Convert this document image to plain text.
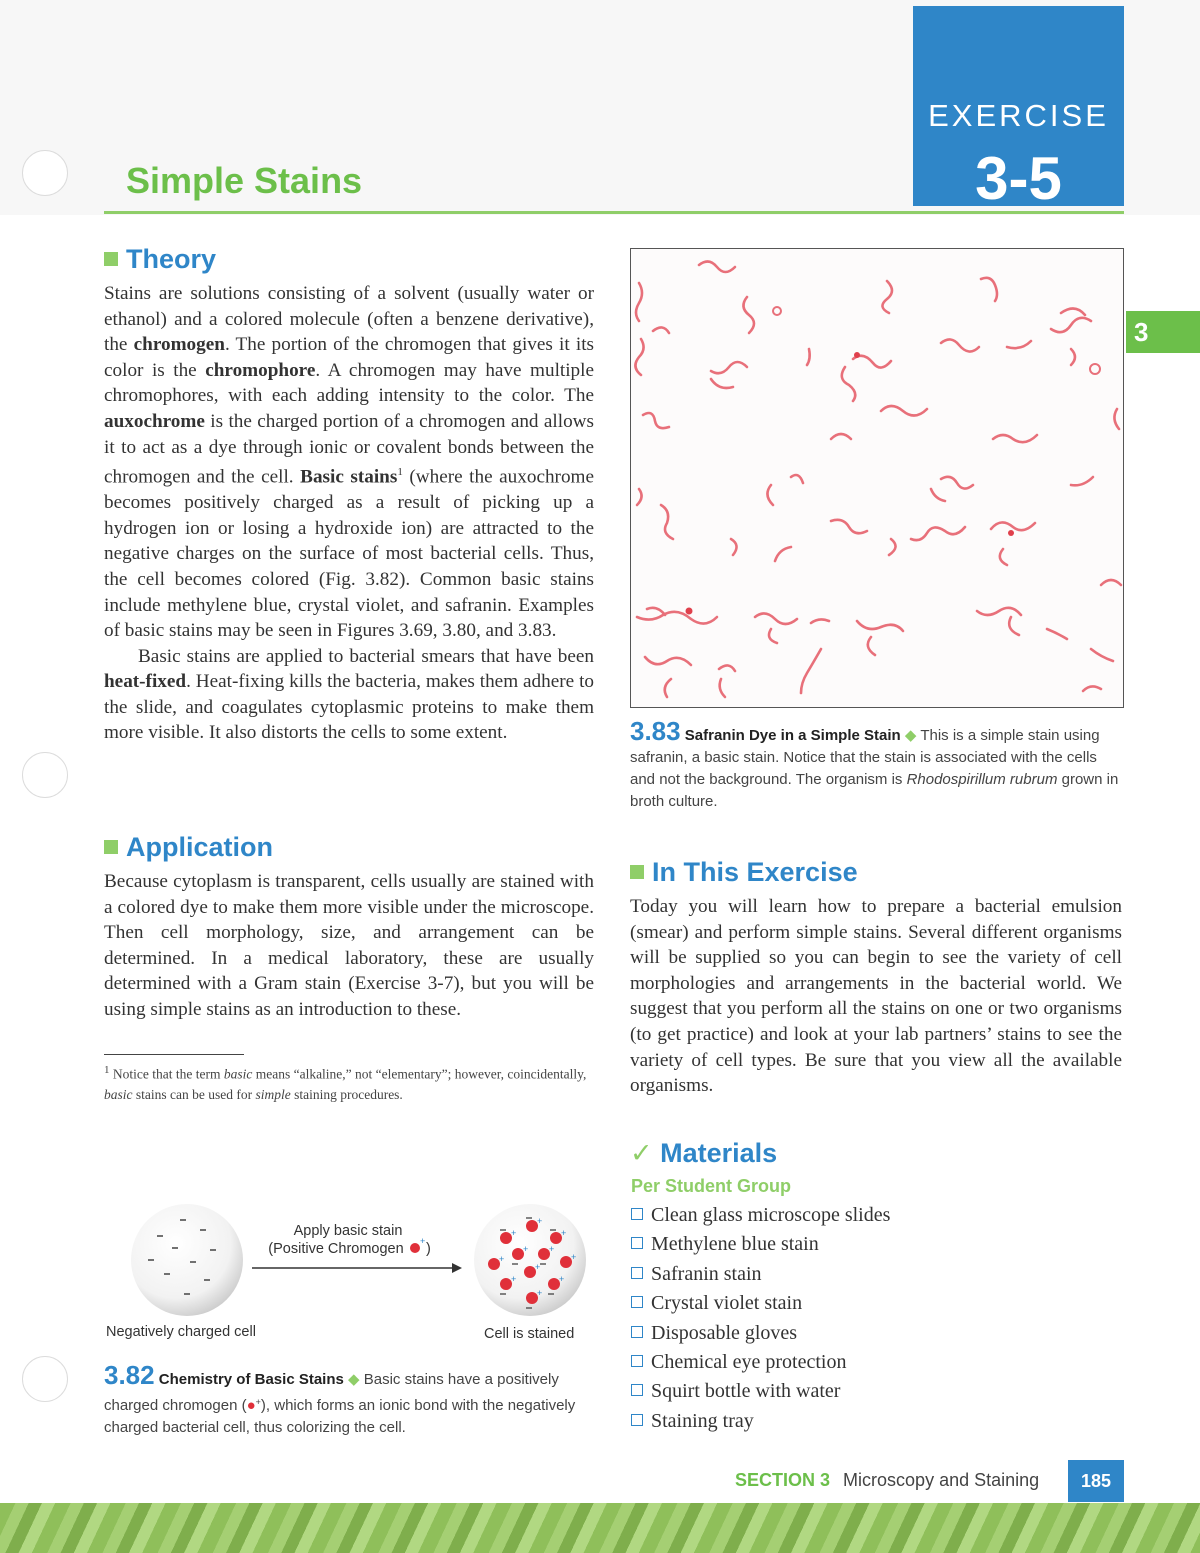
Simple Stains
EXERCISE
3-5
3
Theory

Stains are solutions consisting of a solvent (usually water or ethanol) and a colored molecule (often a benzene derivative), the chromogen. The portion of the chromogen that gives it its color is the chromophore. A chromogen may have multiple chromophores, with each adding intensity to the color. The auxochrome is the charged portion of a chromogen and allows it to act as a dye through ionic or covalent bonds between the chromogen and the cell. Basic stains$^1$ (where the auxochrome becomes positively charged as a result of picking up a hydrogen ion or losing a hydroxide ion) are attracted to the negative charges on the surface of most bacterial cells. Thus, the cell becomes colored (Fig. 3.82). Common basic stains include methylene blue, crystal violet, and safranin. Examples of basic stains may be seen in Figures 3.69, 3.80, and 3.83.

Basic stains are applied to bacterial smears that have been heat-fixed. Heat-fixing kills the bacteria, makes them adhere to the slide, and coagulates cytoplasmic proteins to make them more visible. It also distorts the cells to some extent.

Application
Because cytoplasm is transparent, cells usually are stained with a colored dye to make them more visible under the microscope. Then cell morphology, size, and arrangement can be determined. In a medical laboratory, these are usually determined with a Gram stain (Exercise 3-7), but you will be using simple stains as an introduction to these.
$^1$ Notice that the term basic means “alkaline,” not “elementary”; however, coincidentally, basic stains can be used for simple staining procedures.
+
+	+
+ +
+	+
+
+	+
+
Apply basic stain
(Positive Chromogen + )
Negatively charged cell	Cell is stained
3.82 Chemistry of Basic Stains ◆ Basic stains have a positively charged chromogen (●+), which forms an ionic bond with the negatively charged bacterial cell, thus colorizing the cell.
3.83 Safranin Dye in a Simple Stain ◆ This is a simple stain using safranin, a basic stain. Notice that the stain is associated with the cells and not the background. The organism is Rhodospirillum rubrum grown in broth culture.
In This Exercise
Today you will learn how to prepare a bacterial emulsion (smear) and perform simple stains. Several different organisms will be supplied so you can begin to see the variety of cell morphologies and arrangements in the bacterial world. We suggest that you perform all the stains on one or two organisms (to get practice) and look at your lab partners’ stains to see the variety of cell types. Be sure that you view all the available organisms.
✓ Materials
Per Student Group
Clean glass microscope slides
Methylene blue stain
Safranin stain
Crystal violet stain
Disposable gloves
Chemical eye protection
Squirt bottle with water
Staining tray
SECTION 3 Microscopy and Staining	185
